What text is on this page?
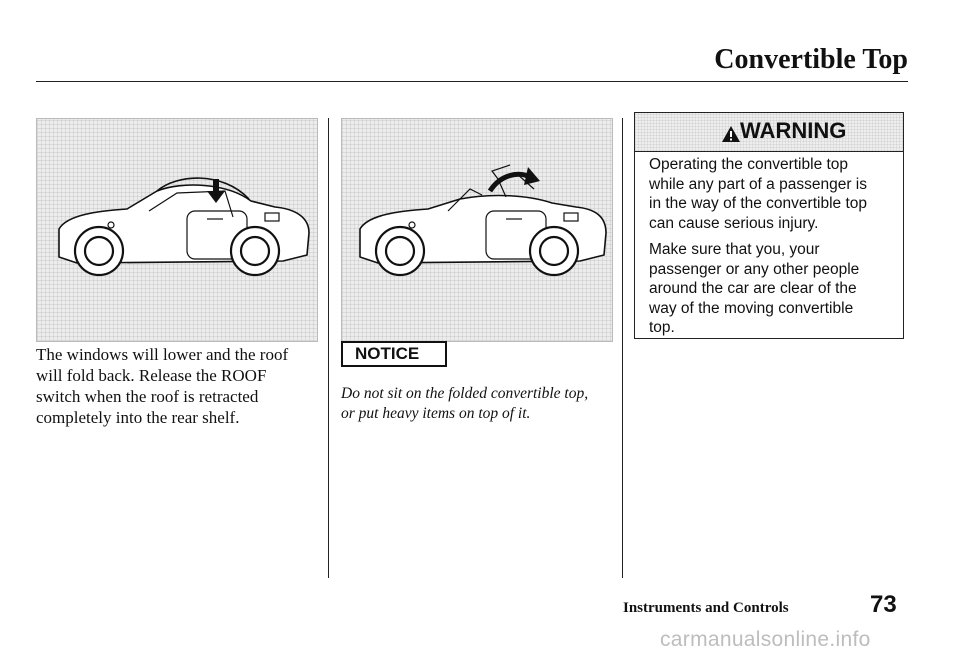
Convertible Top
The windows will lower and the roof
will fold back. Release the ROOF
switch when the roof is retracted
completely into the rear shelf.
NOTICE
Do not sit on the folded convertible top,
or put heavy items on top of it.
WARNING
Operating the convertible top
while any part of a passenger is
in the way of the convertible top
can cause serious injury.
Make sure that you, your
passenger or any other people
around the car are clear of the
way of the moving convertible
top.
Instruments and Controls	73
carmanualsonline.info
